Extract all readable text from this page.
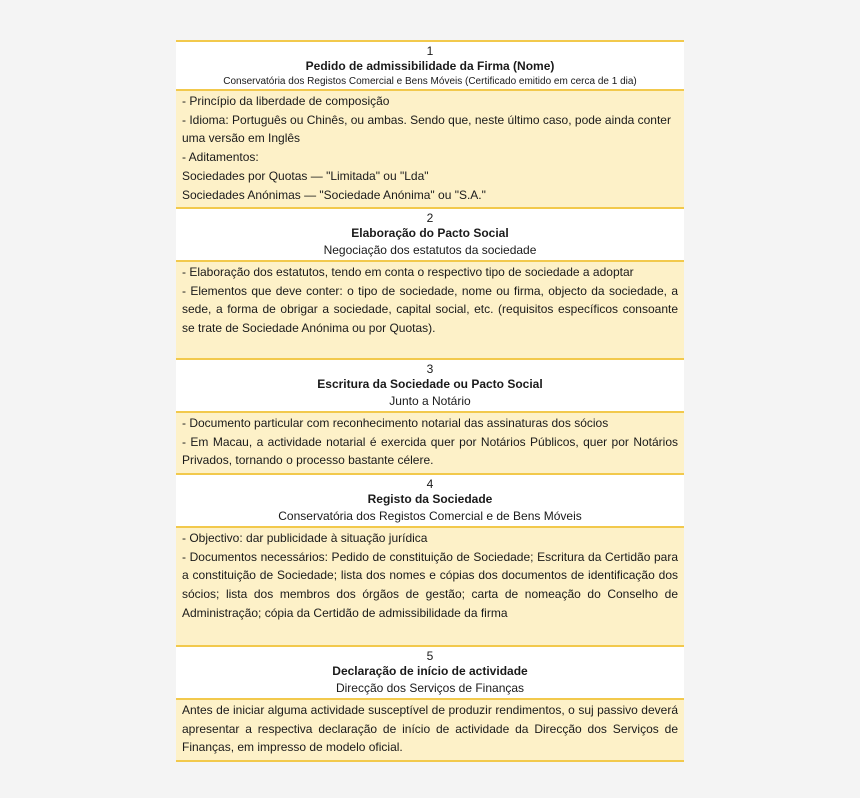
1
Pedido de admissibilidade da Firma (Nome)
Conservatória dos Registos Comercial e Bens Móveis (Certificado emitido em cerca de 1 dia)
- Princípio da liberdade de composição
- Idioma: Português ou Chinês, ou ambas. Sendo que, neste último caso, pode ainda conter uma versão em Inglês
- Aditamentos:
Sociedades por Quotas — "Limitada" ou "Lda"
Sociedades Anónimas — "Sociedade Anónima" ou "S.A."
2
Elaboração do Pacto Social
Negociação dos estatutos da sociedade
- Elaboração dos estatutos, tendo em conta o respectivo tipo de sociedade a adoptar
- Elementos que deve conter: o tipo de sociedade, nome ou firma, objecto da sociedade, a sede, a forma de obrigar a sociedade, capital social, etc. (requisitos específicos consoante se trate de Sociedade Anónima ou por Quotas).
3
Escritura da Sociedade ou Pacto Social
Junto a Notário
- Documento particular com reconhecimento notarial das assinaturas dos sócios
- Em Macau, a actividade notarial é exercida quer por Notários Públicos, quer por Notários Privados, tornando o processo bastante célere.
4
Registo da Sociedade
Conservatória dos Registos Comercial e de Bens Móveis
- Objectivo: dar publicidade à situação jurídica
- Documentos necessários: Pedido de constituição de Sociedade; Escritura da Certidão para a constituição de Sociedade; lista dos nomes e cópias dos documentos de identificação dos sócios; lista dos membros dos órgãos de gestão; carta de nomeação do Conselho de Administração; cópia da Certidão de admissibilidade da firma
5
Declaração de início de actividade
Direcção dos Serviços de Finanças
Antes de iniciar alguma actividade susceptível de produzir rendimentos, o suj passivo deverá apresentar a respectiva declaração de início de actividade da Direcção dos Serviços de Finanças, em impresso de modelo oficial.
